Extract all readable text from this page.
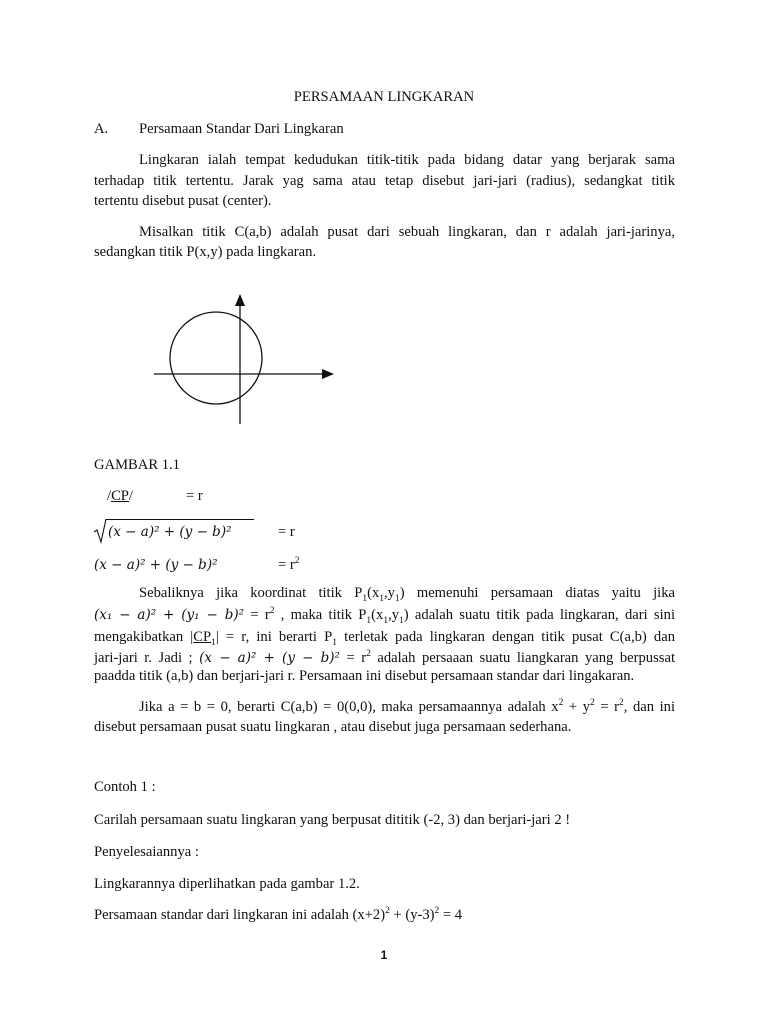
PERSAMAAN LINGKARAN
A. Persamaan Standar Dari Lingkaran
Lingkaran ialah tempat kedudukan titik-titik pada bidang datar yang berjarak sama
terhadap titik tertentu. Jarak yag sama atau tetap disebut jari-jari (radius), sedangkat titik
tertentu disebut pusat (center).
Misalkan titik C(a,b) adalah pusat dari sebuah lingkaran, dan r adalah jari-jarinya,
sedangkan titik P(x,y) pada lingkaran.
GAMBAR 1.1
/CP/	= r
(x − a)² + (y − b)²	= r
(x − a)² + (y − b)²	= $r^2$
Sebaliknya jika koordinat titik $P_1(x_1,y_1)$ memenuhi persamaan diatas yaitu jika
$(x_1 - a)^2 + (y_1 - b)^2 = r^2$ , maka titik $P_1(x_1,y_1)$ adalah suatu titik pada lingkaran, dari sini
mengakibatkan $|CP_1| = r$, ini berarti $P_1$ terletak pada lingkaran dengan titik pusat C(a,b) dan
jari-jari r. Jadi ; $(x - a)^2 + (y - b)^2 = r^2$ adalah persaaan suatu liangkaran yang berpussat
paadda titik (a,b) dan berjari-jari r. Persamaan ini disebut persamaan standar dari lingakaran.
Jika a = b = 0, berarti C(a,b) = 0(0,0), maka persamaannya adalah $x^2 + y^2 = r^2$, dan ini
disebut persamaan pusat suatu lingkaran , atau disebut juga persamaan sederhana.
Contoh 1 :
Carilah persamaan suatu lingkaran yang berpusat dititik (-2, 3) dan berjari-jari 2 !
Penyelesaiannya :
Lingkarannya diperlihatkan pada gambar 1.2.
Persamaan standar dari lingkaran ini adalah $(x+2)^2 + (y-3)^2 = 4$
1
